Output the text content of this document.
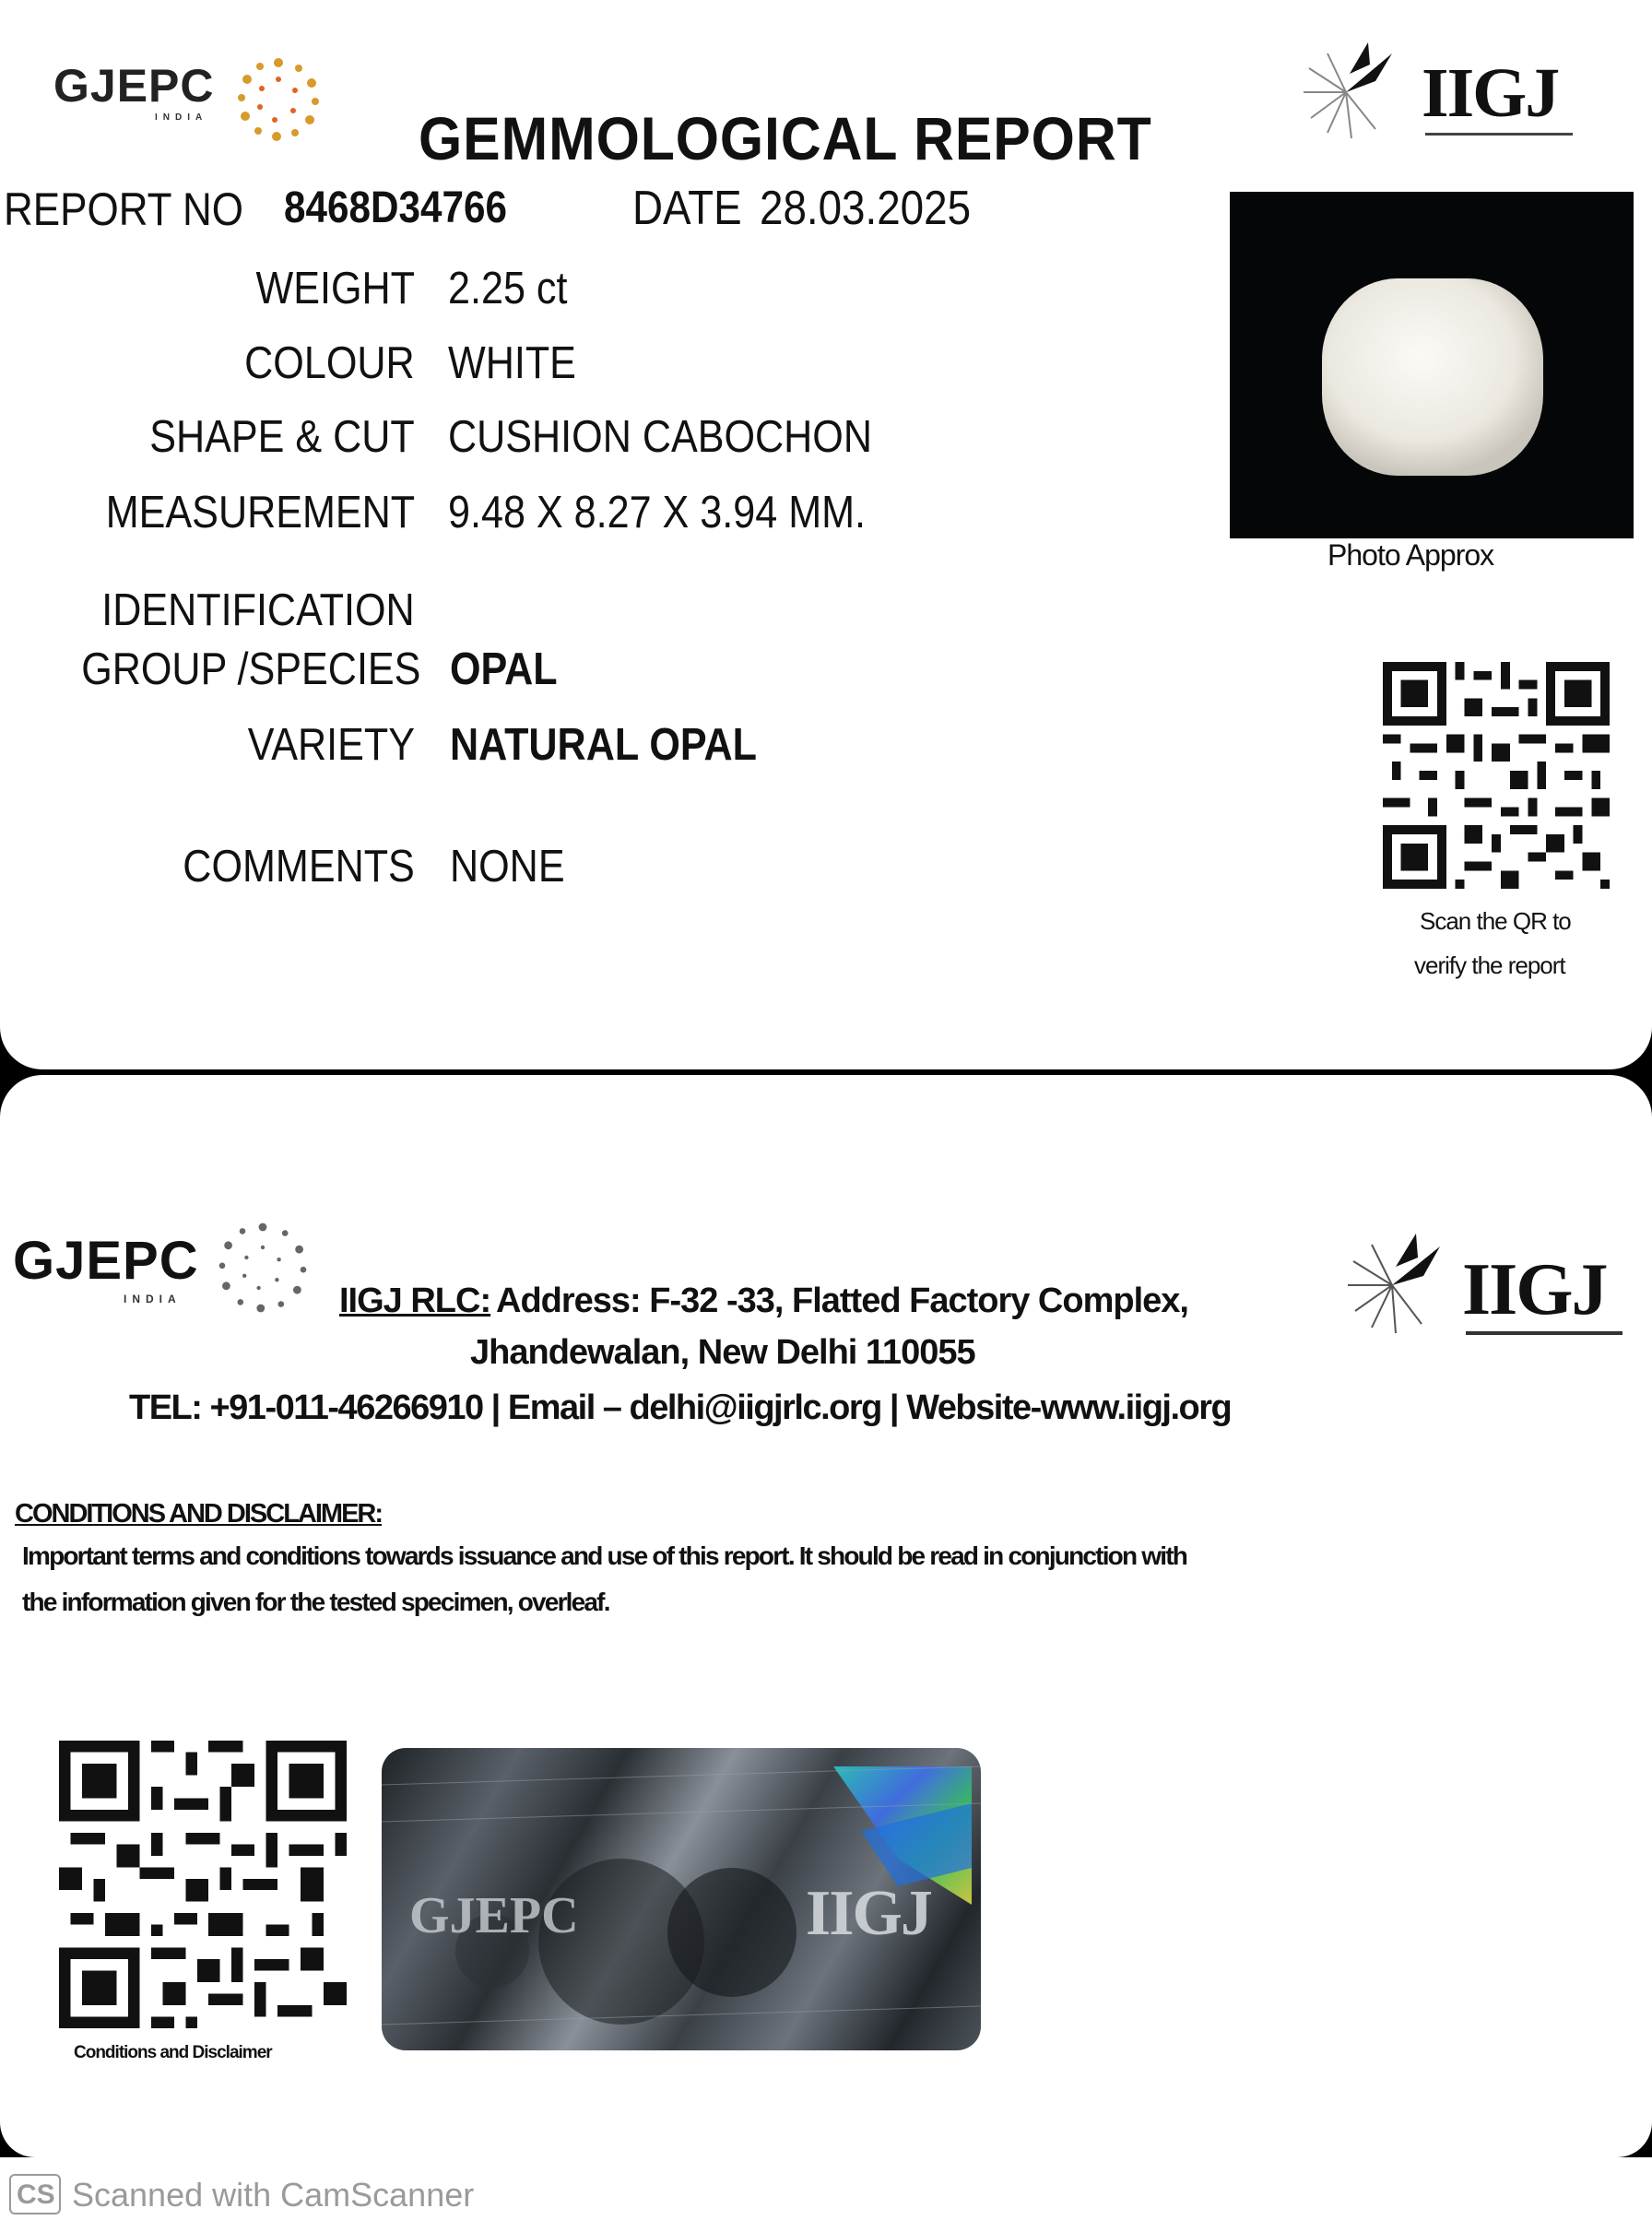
GJEPC
INDIA	IIGJ
GEMMOLOGICAL REPORT
REPORT NO 8468D34766	DATE 28.03.2025
WEIGHT 2.25 ct
COLOUR WHITE
SHAPE & CUT CUSHION CABOCHON
MEASUREMENT 9.48 X 8.27 X 3.94 MM.
IDENTIFICATION
GROUP /SPECIES OPAL
VARIETY NATURAL OPAL
COMMENTS NONE
Photo Approx
Scan the QR to
verify the report
GJEPC
INDIA	IIGJ
IIGJ RLC: Address: F-32 -33, Flatted Factory Complex,
Jhandewalan, New Delhi 110055
TEL: +91-011-46266910 | Email – delhi@iigjrlc.org | Website-www.iigj.org
CONDITIONS AND DISCLAIMER:
Important terms and conditions towards issuance and use of this report. It should be read in conjunction with
the information given for the tested specimen, overleaf.
Conditions and Disclaimer
GJEPC	IIGJ
CS Scanned with CamScanner
